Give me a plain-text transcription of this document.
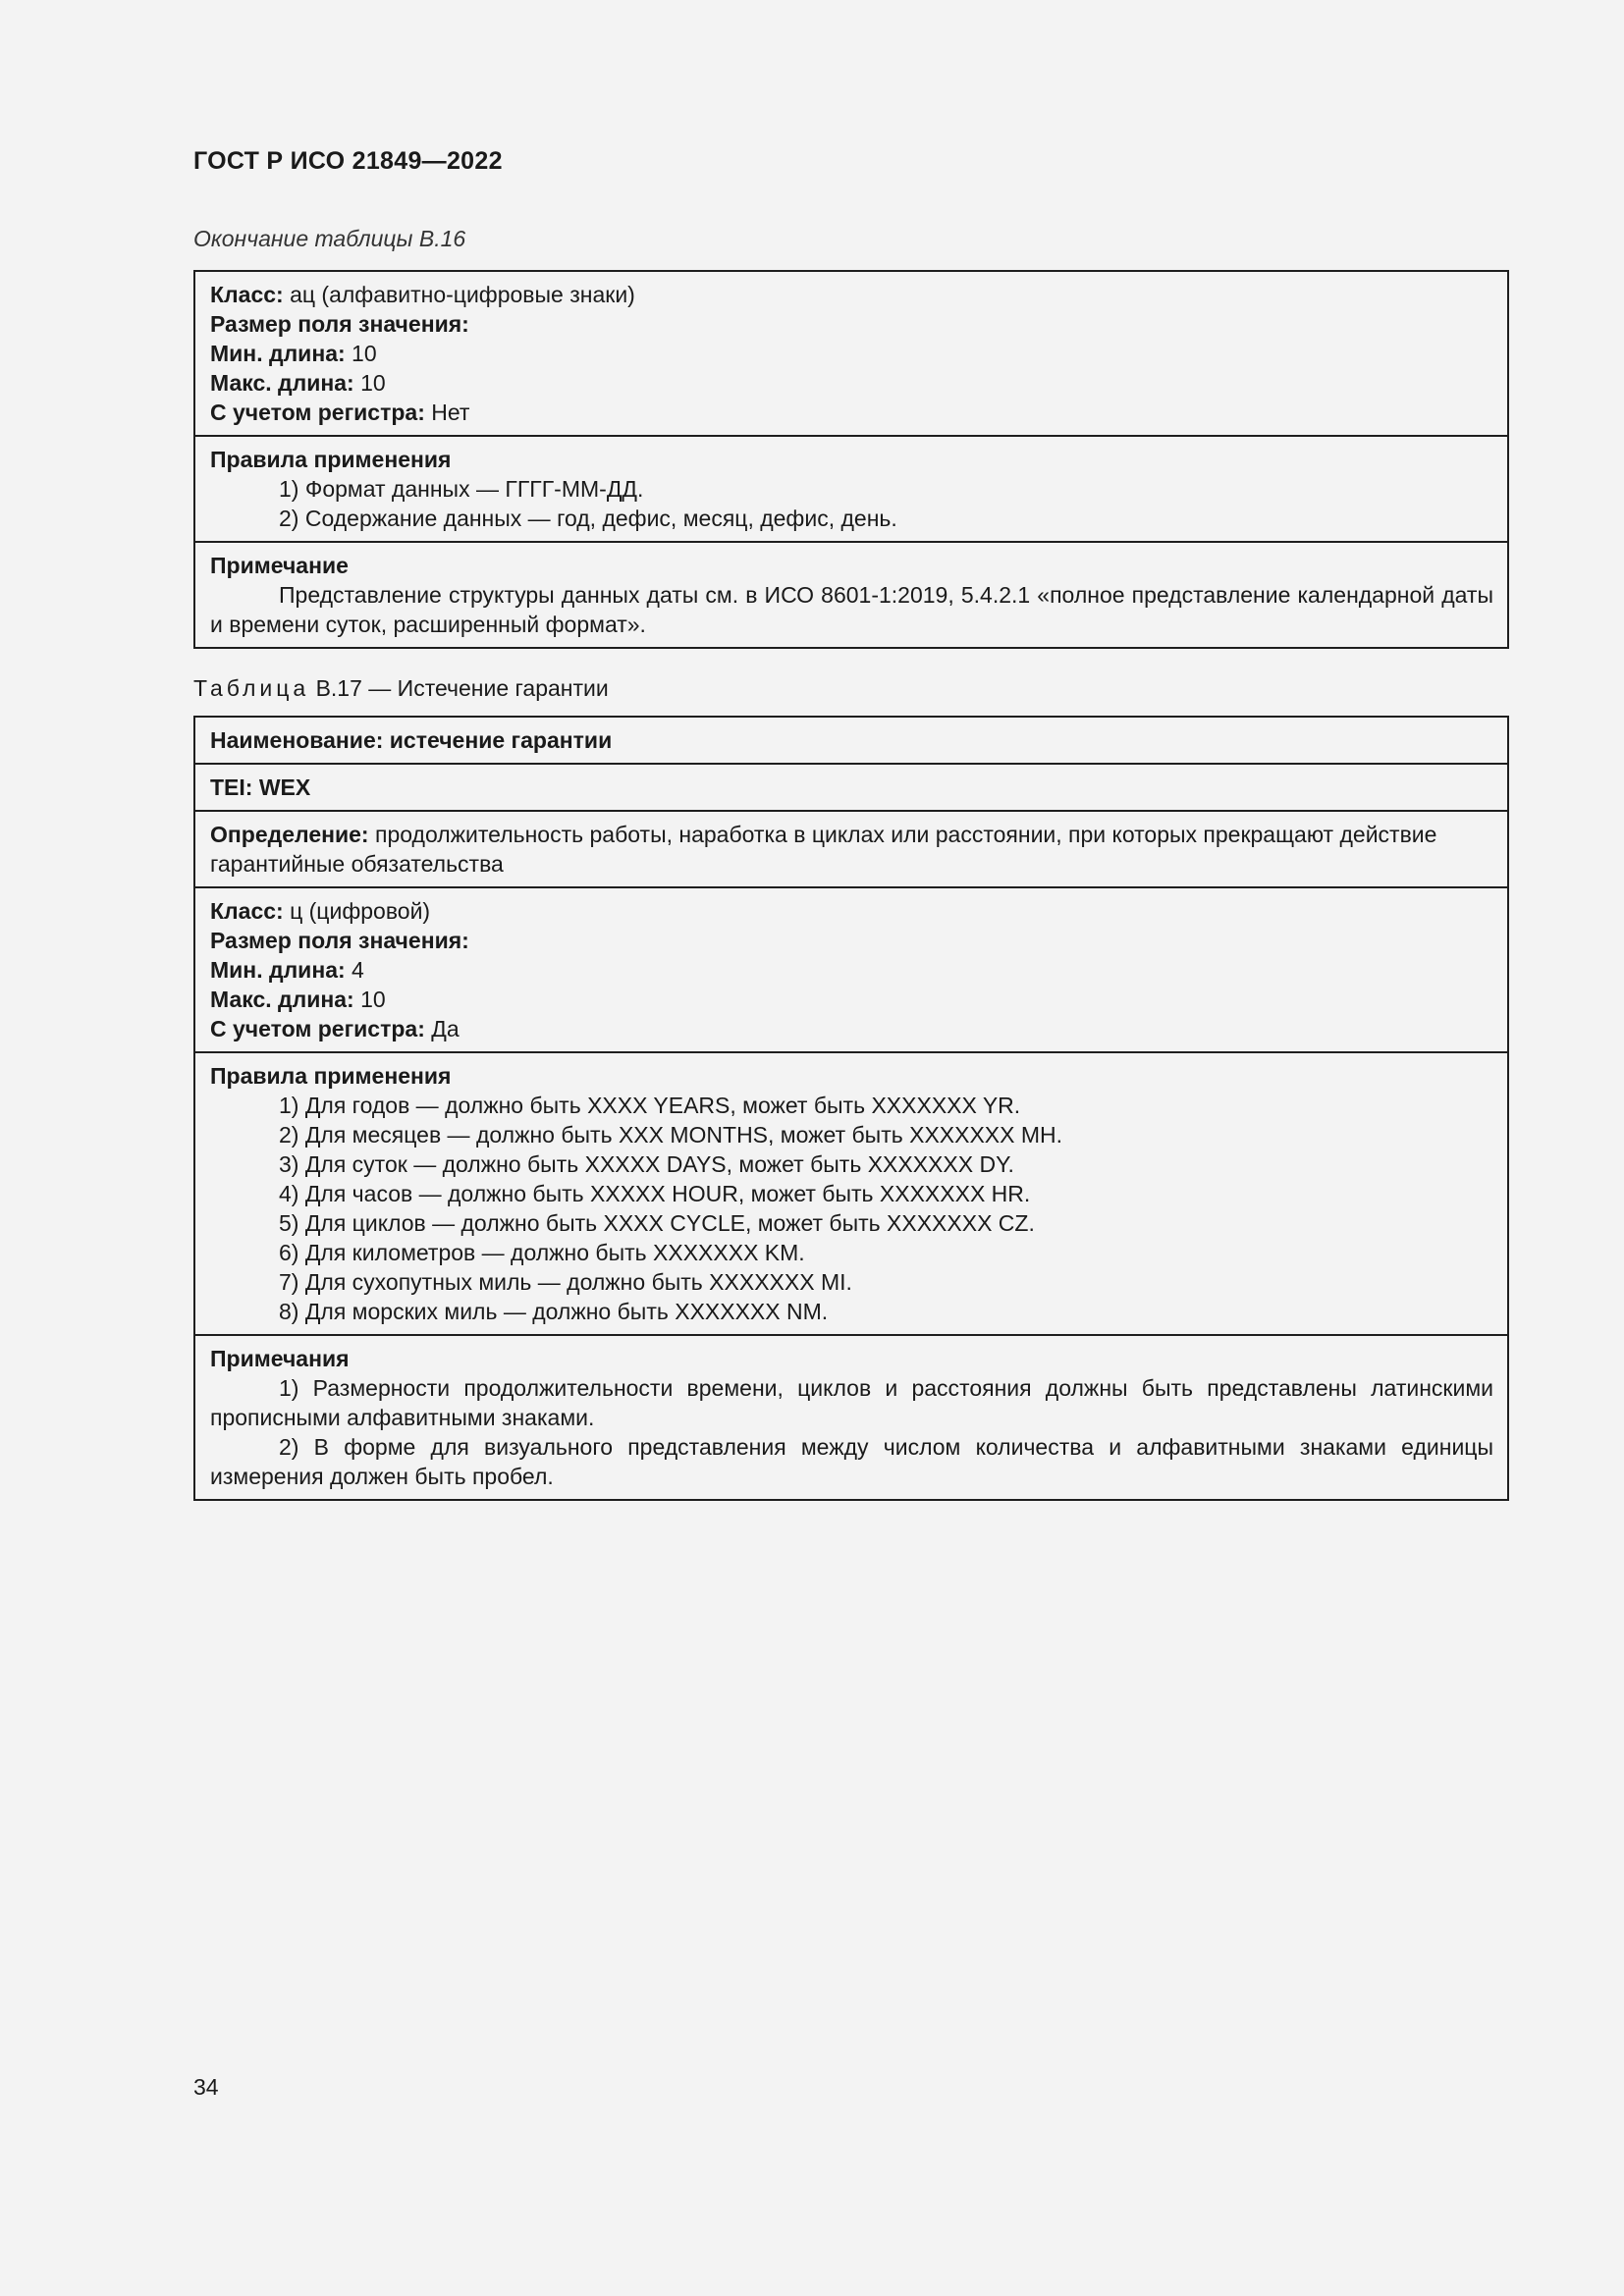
ГОСТ Р ИСО 21849—2022
Окончание таблицы В.16
Класс: ац (алфавитно-цифровые знаки)
Размер поля значения:
Мин. длина: 10
Макс. длина: 10
С учетом регистра: Нет
Правила применения
1) Формат данных — ГГГГ-ММ-ДД.
2) Содержание данных — год, дефис, месяц, дефис, день.
Примечание
Представление структуры данных даты см. в ИСО 8601-1:2019, 5.4.2.1 «полное представление календарной даты и времени суток, расширенный формат».
Таблица В.17 — Истечение гарантии
Наименование: истечение гарантии
TEI: WEX
Определение: продолжительность работы, наработка в циклах или расстоянии, при которых прекращают действие гарантийные обязательства
Класс: ц (цифровой)
Размер поля значения:
Мин. длина: 4
Макс. длина: 10
С учетом регистра: Да
Правила применения
1) Для годов — должно быть XXXX YEARS, может быть XXXXXXX YR.
2) Для месяцев — должно быть XXX MONTHS, может быть XXXXXXX MH.
3) Для суток — должно быть XXXXX DAYS, может быть XXXXXXX DY.
4) Для часов — должно быть XXXXX HOUR, может быть XXXXXXX HR.
5) Для циклов — должно быть XXXX CYCLE, может быть XXXXXXX CZ.
6) Для километров — должно быть XXXXXXX KM.
7) Для сухопутных миль — должно быть XXXXXXX MI.
8) Для морских миль — должно быть XXXXXXX NM.
Примечания
1) Размерности продолжительности времени, циклов и расстояния должны быть представлены латинскими прописными алфавитными знаками.
2) В форме для визуального представления между числом количества и алфавитными знаками единицы измерения должен быть пробел.
34
